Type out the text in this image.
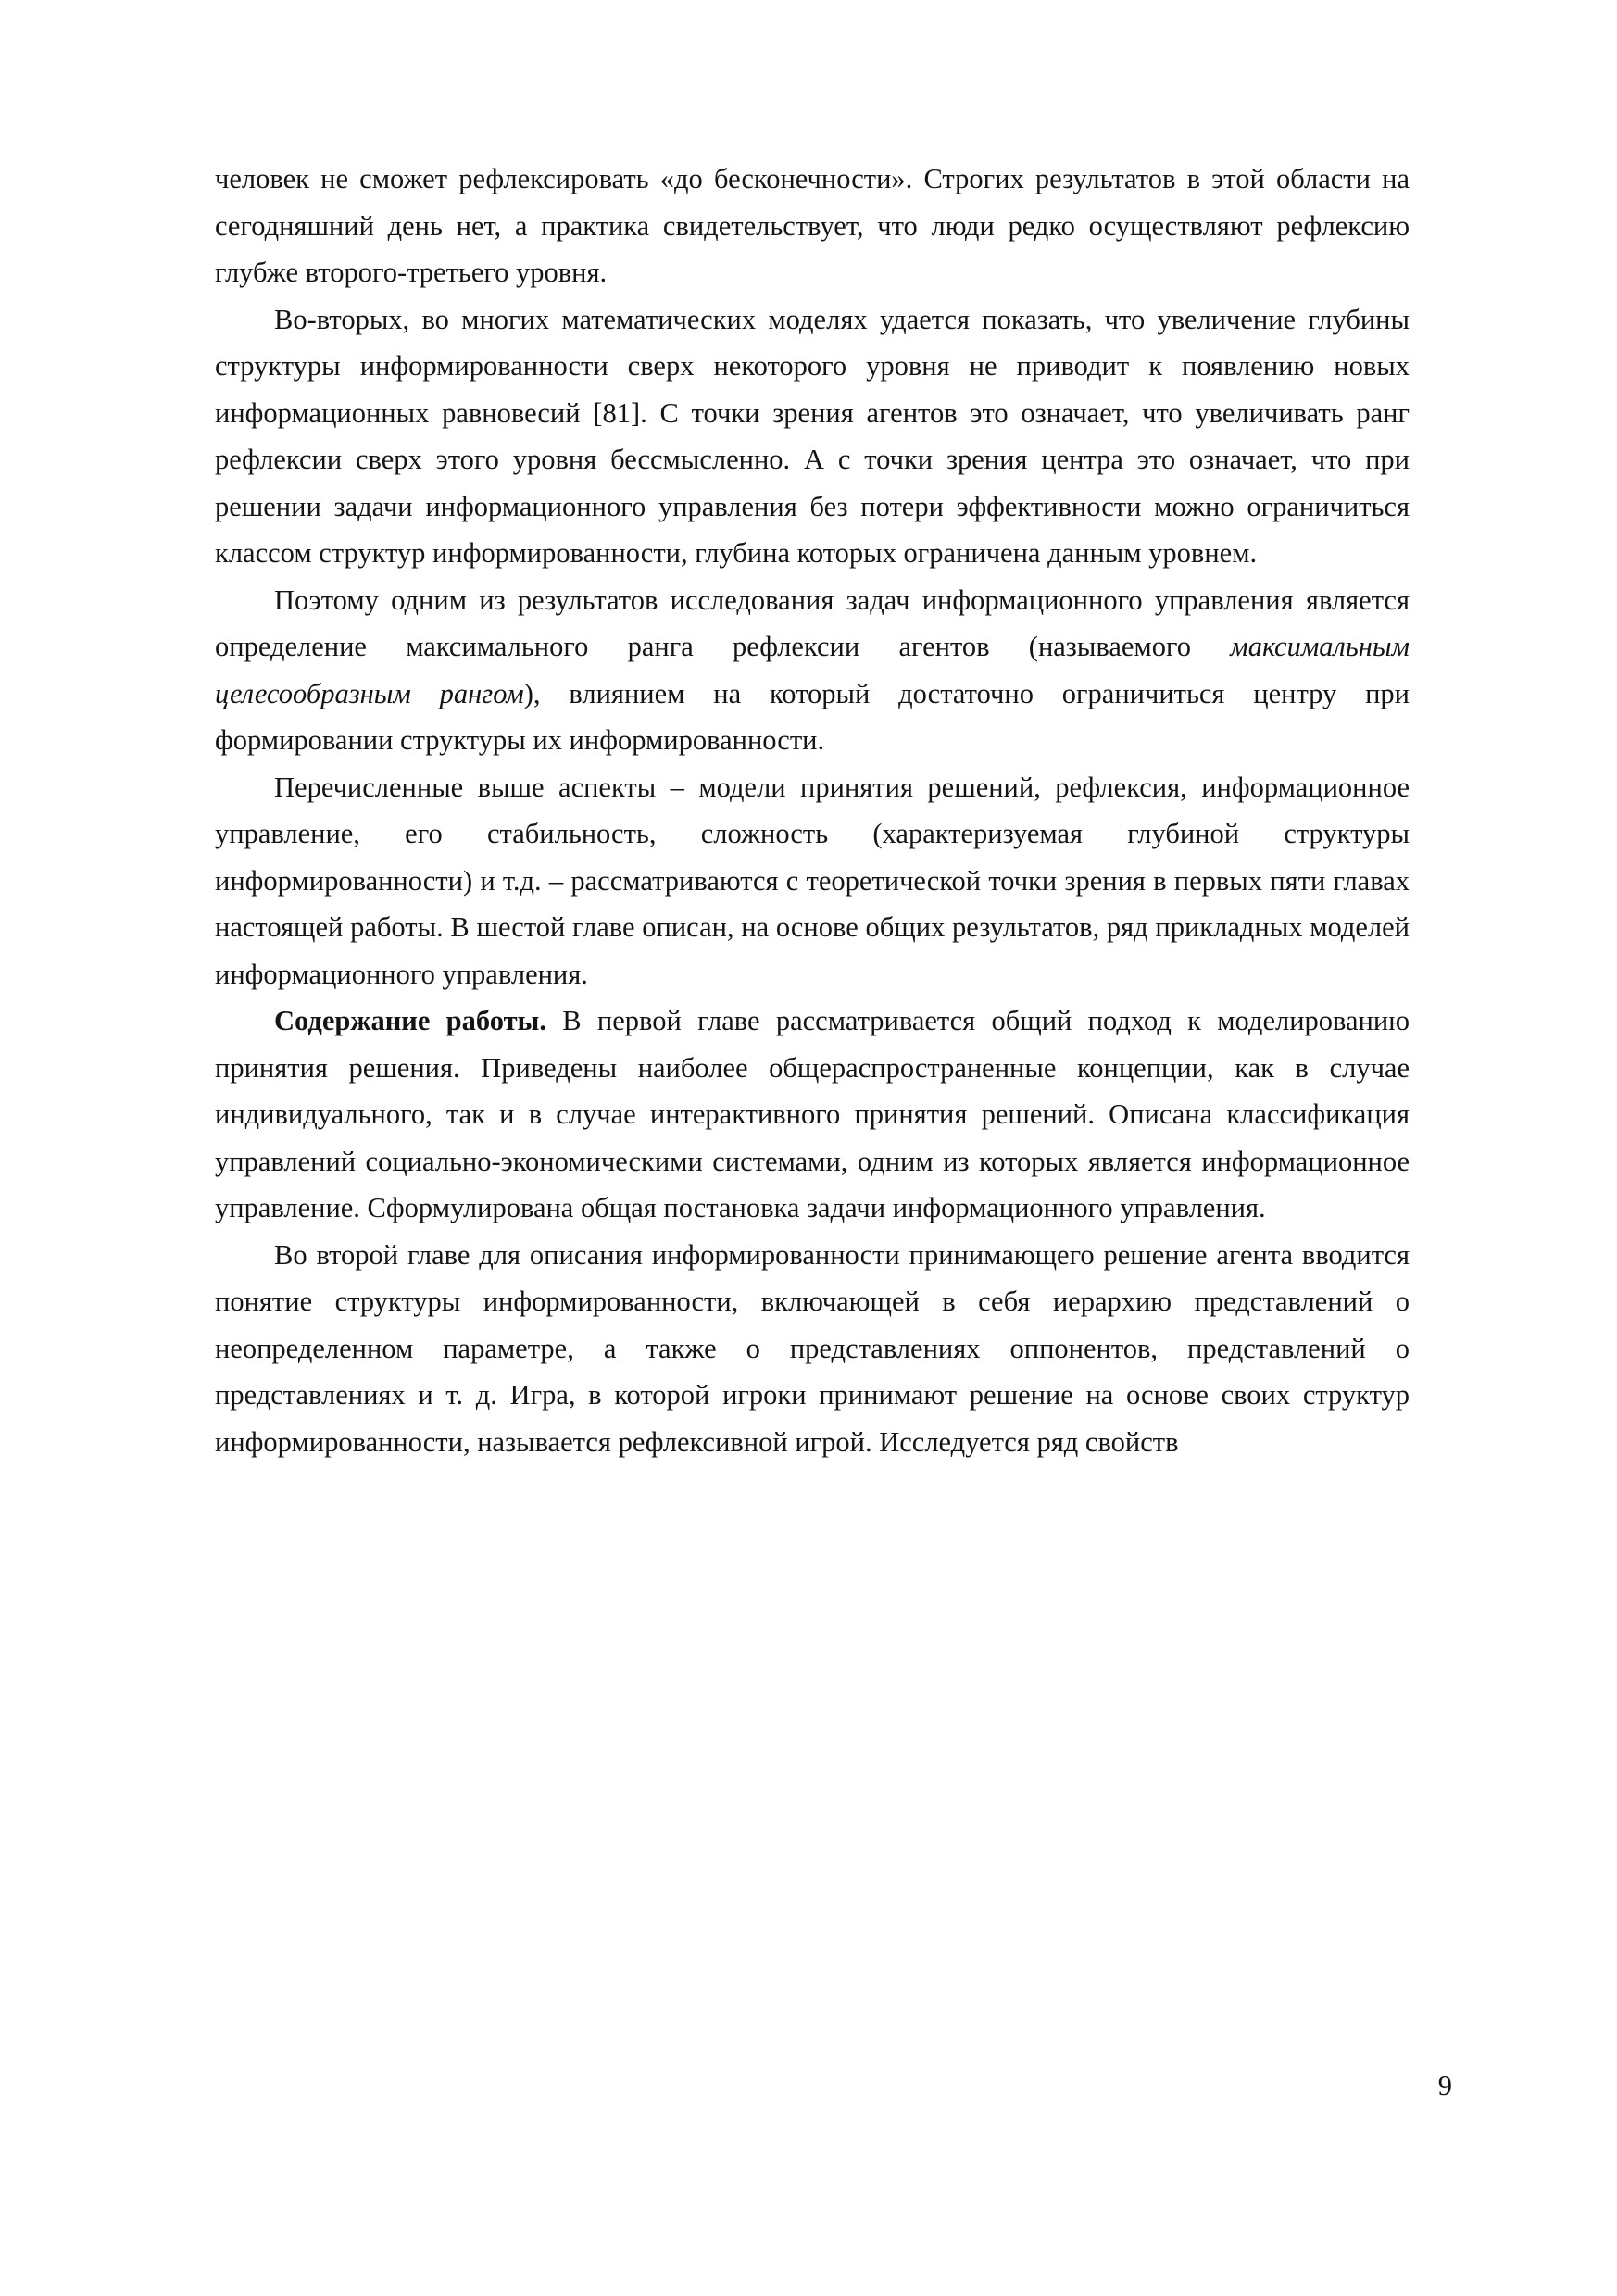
человек не сможет рефлексировать «до бесконечности». Строгих результатов в этой области на сегодняшний день нет, а практика свидетельствует, что люди редко осуществляют рефлексию глубже второго-третьего уровня.

Во-вторых, во многих математических моделях удается показать, что увеличение глубины структуры информированности сверх некоторого уровня не приводит к появлению новых информационных равновесий [81]. С точки зрения агентов это означает, что увеличивать ранг рефлексии сверх этого уровня бессмысленно. А с точки зрения центра это означает, что при решении задачи информационного управления без потери эффективности можно ограничиться классом структур информированности, глубина которых ограничена данным уровнем.

Поэтому одним из результатов исследования задач информационного управления является определение максимального ранга рефлексии агентов (называемого максимальным целесообразным рангом), влиянием на который достаточно ограничиться центру при формировании структуры их информированности.

Перечисленные выше аспекты – модели принятия решений, рефлексия, информационное управление, его стабильность, сложность (характеризуемая глубиной структуры информированности) и т.д. – рассматриваются с теоретической точки зрения в первых пяти главах настоящей работы. В шестой главе описан, на основе общих результатов, ряд прикладных моделей информационного управления.

Содержание работы. В первой главе рассматривается общий подход к моделированию принятия решения. Приведены наиболее общераспространенные концепции, как в случае индивидуального, так и в случае интерактивного принятия решений. Описана классификация управлений социально-экономическими системами, одним из которых является информационное управление. Сформулирована общая постановка задачи информационного управления.

Во второй главе для описания информированности принимающего решение агента вводится понятие структуры информированности, включающей в себя иерархию представлений о неопределенном параметре, а также о представлениях оппонентов, представлений о представлениях и т. д. Игра, в которой игроки принимают решение на основе своих структур информированности, называется рефлексивной игрой. Исследуется ряд свойств

9
